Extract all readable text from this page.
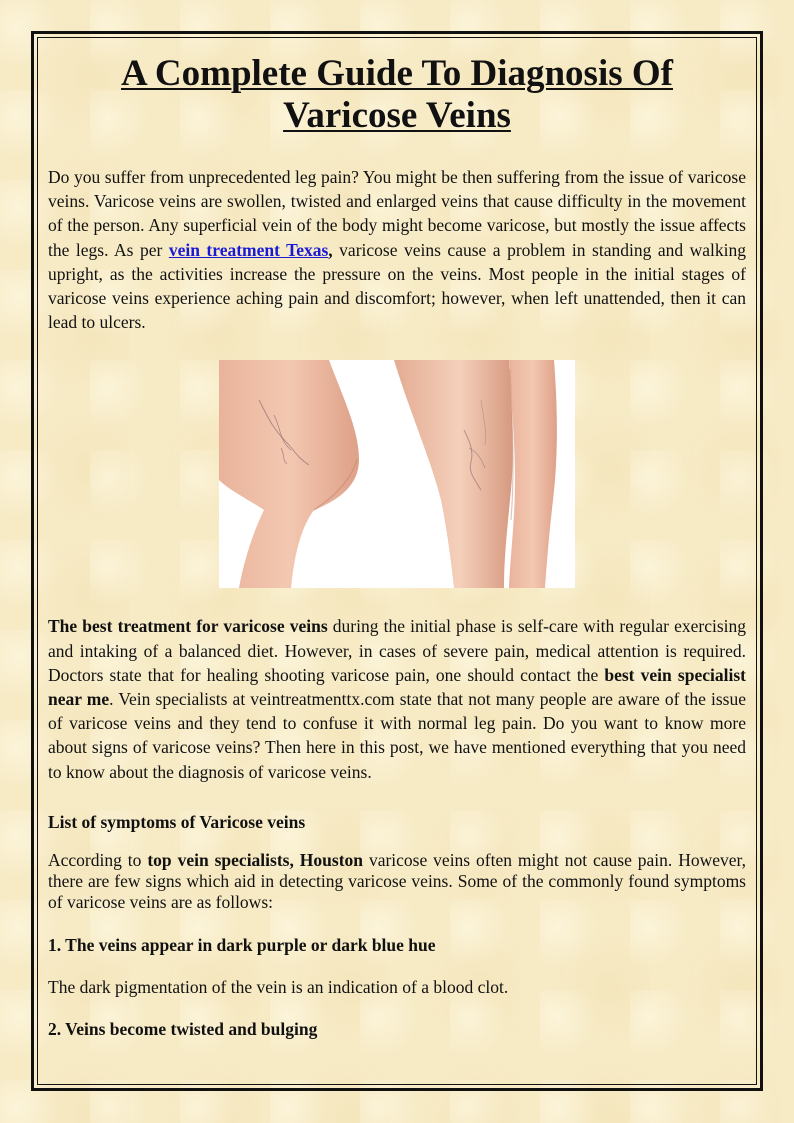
A Complete Guide To Diagnosis Of
Varicose Veins

Do you suffer from unprecedented leg pain? You might be then suffering from the issue of varicose veins. Varicose veins are swollen, twisted and enlarged veins that cause difficulty in the movement of the person. Any superficial vein of the body might become varicose, but mostly the issue affects the legs. As per vein treatment Texas, varicose veins cause a problem in standing and walking upright, as the activities increase the pressure on the veins. Most people in the initial stages of varicose veins experience aching pain and discomfort; however, when left unattended, then it can lead to ulcers.

The best treatment for varicose veins during the initial phase is self-care with regular exercising and intaking of a balanced diet. However, in cases of severe pain, medical attention is required. Doctors state that for healing shooting varicose pain, one should contact the best vein specialist near me. Vein specialists at veintreatmenttx.com state that not many people are aware of the issue of varicose veins and they tend to confuse it with normal leg pain. Do you want to know more about signs of varicose veins? Then here in this post, we have mentioned everything that you need to know about the diagnosis of varicose veins.

List of symptoms of Varicose veins

According to top vein specialists, Houston varicose veins often might not cause pain. However, there are few signs which aid in detecting varicose veins. Some of the commonly found symptoms of varicose veins are as follows:

1. The veins appear in dark purple or dark blue hue

The dark pigmentation of the vein is an indication of a blood clot.

2. Veins become twisted and bulging
